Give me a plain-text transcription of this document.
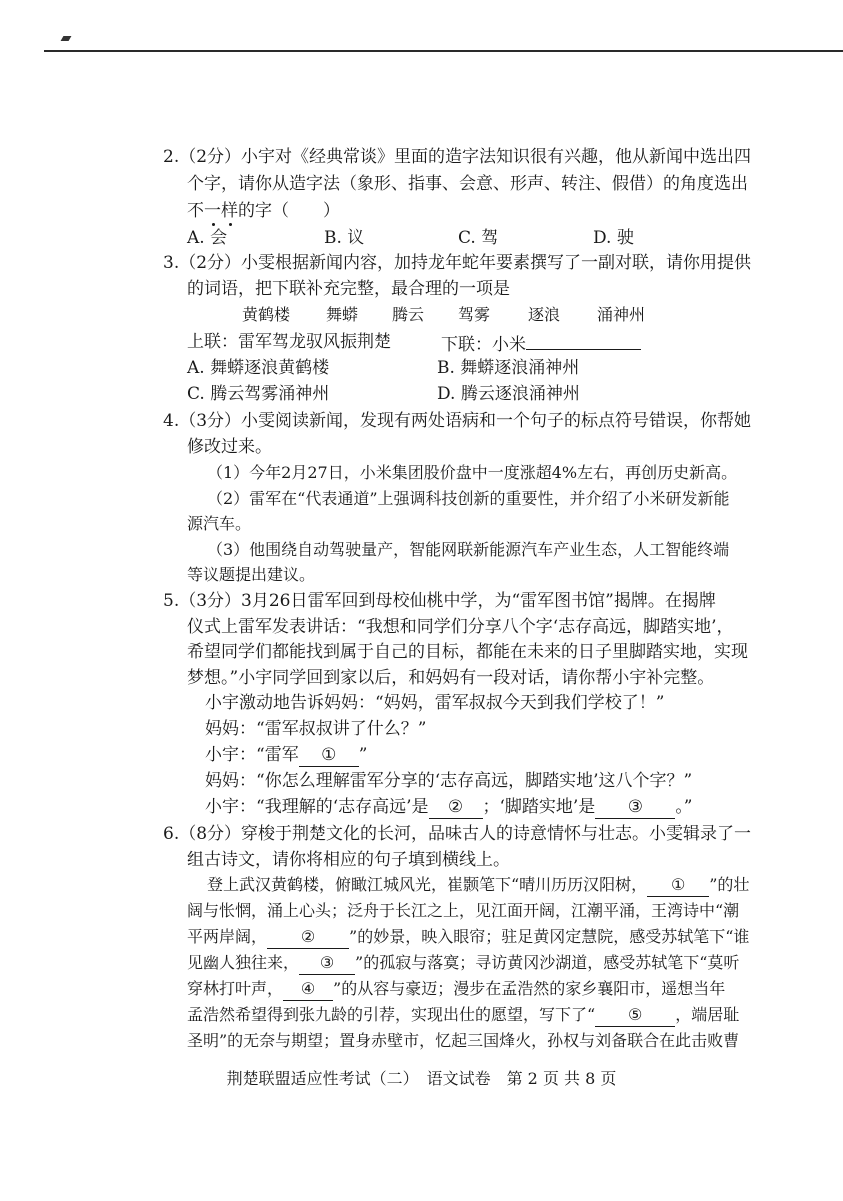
2.（2分）小宇对《经典常谈》里面的造字法知识很有兴趣，他从新闻中选出四
个字，请你从造字法（象形、指事、会意、形声、转注、假借）的角度选出
不一样的字（　　）
A. 会	B. 议	C. 驾	D. 驶
3.（2分）小雯根据新闻内容，加持龙年蛇年要素撰写了一副对联，请你用提供
的词语，把下联补充完整，最合理的一项是
黄鹤楼 舞蟒 腾云 驾雾 逐浪 涌神州
上联：雷军驾龙驭风振荆楚	下联：小米
A. 舞蟒逐浪黄鹤楼	B. 舞蟒逐浪涌神州
C. 腾云驾雾涌神州	D. 腾云逐浪涌神州
4.（3分）小雯阅读新闻，发现有两处语病和一个句子的标点符号错误，你帮她
修改过来。
（1）今年2月27日，小米集团股价盘中一度涨超4%左右，再创历史新高。
（2）雷军在“代表通道”上强调科技创新的重要性，并介绍了小米研发新能
源汽车。
（3）他围绕自动驾驶量产，智能网联新能源汽车产业生态，人工智能终端
等议题提出建议。
5.（3分）3月26日雷军回到母校仙桃中学，为“雷军图书馆”揭牌。在揭牌
仪式上雷军发表讲话：“我想和同学们分享八个字‘志存高远，脚踏实地’，
希望同学们都能找到属于自己的目标，都能在未来的日子里脚踏实地，实现
梦想。”小宇同学回到家以后，和妈妈有一段对话，请你帮小宇补完整。
小宇激动地告诉妈妈：“妈妈，雷军叔叔今天到我们学校了！”
妈妈：“雷军叔叔讲了什么？”
小宇：“雷军 ① ”
妈妈：“你怎么理解雷军分享的‘志存高远，脚踏实地’这八个字？”
小宇：“我理解的‘志存高远’是 ② ；‘脚踏实地’是 ③ 。”
6.（8分）穿梭于荆楚文化的长河，品味古人的诗意情怀与壮志。小雯辑录了一
组古诗文，请你将相应的句子填到横线上。
登上武汉黄鹤楼，俯瞰江城风光，崔颢笔下“晴川历历汉阳树， ① ”的壮
阔与怅惘，涌上心头；泛舟于长江之上，见江面开阔，江潮平涌，王湾诗中“潮
平两岸阔， ② ”的妙景，映入眼帘；驻足黄冈定慧院，感受苏轼笔下“谁
见幽人独往来， ③ ”的孤寂与落寞；寻访黄冈沙湖道，感受苏轼笔下“莫听
穿林打叶声， ④ ”的从容与豪迈；漫步在孟浩然的家乡襄阳市，遥想当年
孟浩然希望得到张九龄的引荐，实现出仕的愿望，写下了“ ⑤ ，端居耻
圣明”的无奈与期望；置身赤壁市，忆起三国烽火，孙权与刘备联合在此击败曹
荆楚联盟适应性考试（二）　语文试卷　第 2 页 共 8 页
